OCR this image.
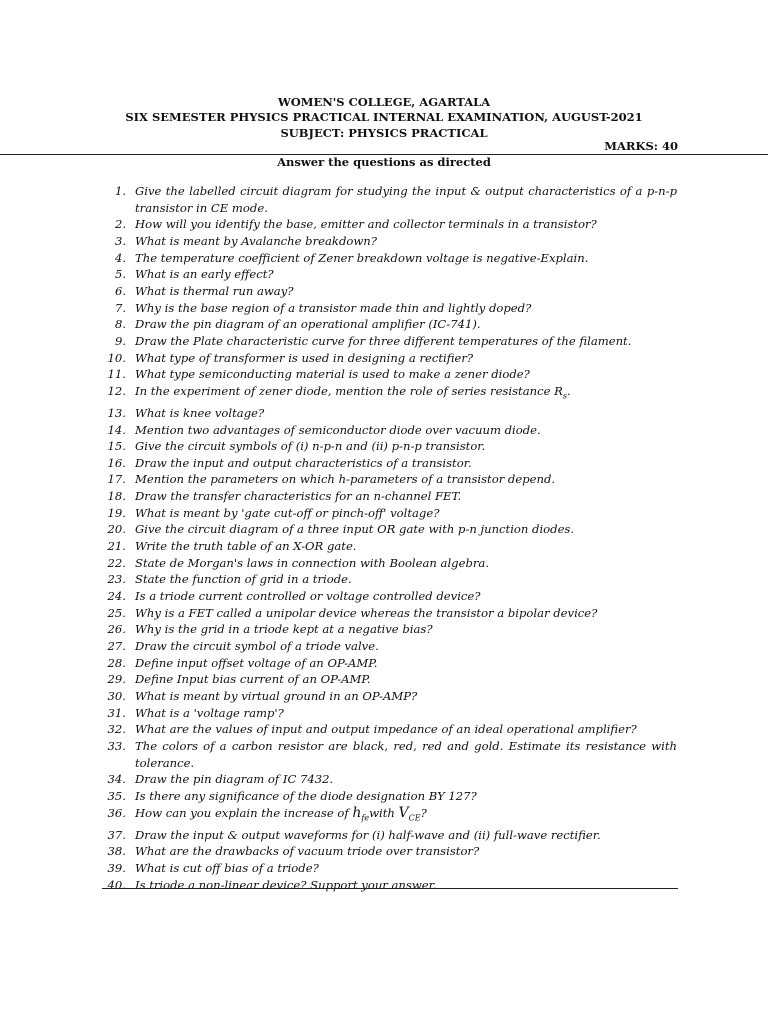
WOMEN'S COLLEGE, AGARTALA
SIX SEMESTER PHYSICS PRACTICAL INTERNAL EXAMINATION, AUGUST-2021
SUBJECT: PHYSICS PRACTICAL
MARKS: 40
Answer the questions as directed
1. Give the labelled circuit diagram for studying the input & output characteristics of a p-n-p transistor in CE mode.
2. How will you identify the base, emitter and collector terminals in a transistor?
3. What is meant by Avalanche breakdown?
4. The temperature coefficient of Zener breakdown voltage is negative-Explain.
5. What is an early effect?
6. What is thermal run away?
7. Why is the base region of a transistor made thin and lightly doped?
8. Draw the pin diagram of an operational amplifier (IC-741).
9. Draw the Plate characteristic curve for three different temperatures of the filament.
10. What type of transformer is used in designing a rectifier?
11. What type semiconducting material is used to make a zener diode?
12. In the experiment of zener diode, mention the role of series resistance $R_s$.
13. What is knee voltage?
14. Mention two advantages of semiconductor diode over vacuum diode.
15. Give the circuit symbols of (i) n-p-n and (ii) p-n-p transistor.
16. Draw the input and output characteristics of a transistor.
17. Mention the parameters on which h-parameters of a transistor depend.
18. Draw the transfer characteristics for an n-channel FET.
19. What is meant by 'gate cut-off or pinch-off' voltage?
20. Give the circuit diagram of a three input OR gate with p-n junction diodes.
21. Write the truth table of an X-OR gate.
22. State de Morgan's laws in connection with Boolean algebra.
23. State the function of grid in a triode.
24. Is a triode current controlled or voltage controlled device?
25. Why is a FET called a unipolar device whereas the transistor a bipolar device?
26. Why is the grid in a triode kept at a negative bias?
27. Draw the circuit symbol of a triode valve.
28. Define input offset voltage of an OP-AMP.
29. Define Input bias current of an OP-AMP.
30. What is meant by virtual ground in an OP-AMP?
31. What is a 'voltage ramp'?
32. What are the values of input and output impedance of an ideal operational amplifier?
33. The colors of a carbon resistor are black, red, red and gold. Estimate its resistance with tolerance.
34. Draw the pin diagram of IC 7432.
35. Is there any significance of the diode designation BY 127?
36. How can you explain the increase of $h_{fe}with$ $V_{CE}$?
37. Draw the input & output waveforms for (i) half-wave and (ii) full-wave rectifier.
38. What are the drawbacks of vacuum triode over transistor?
39. What is cut off bias of a triode?
40. Is triode a non-linear device? Support your answer.
